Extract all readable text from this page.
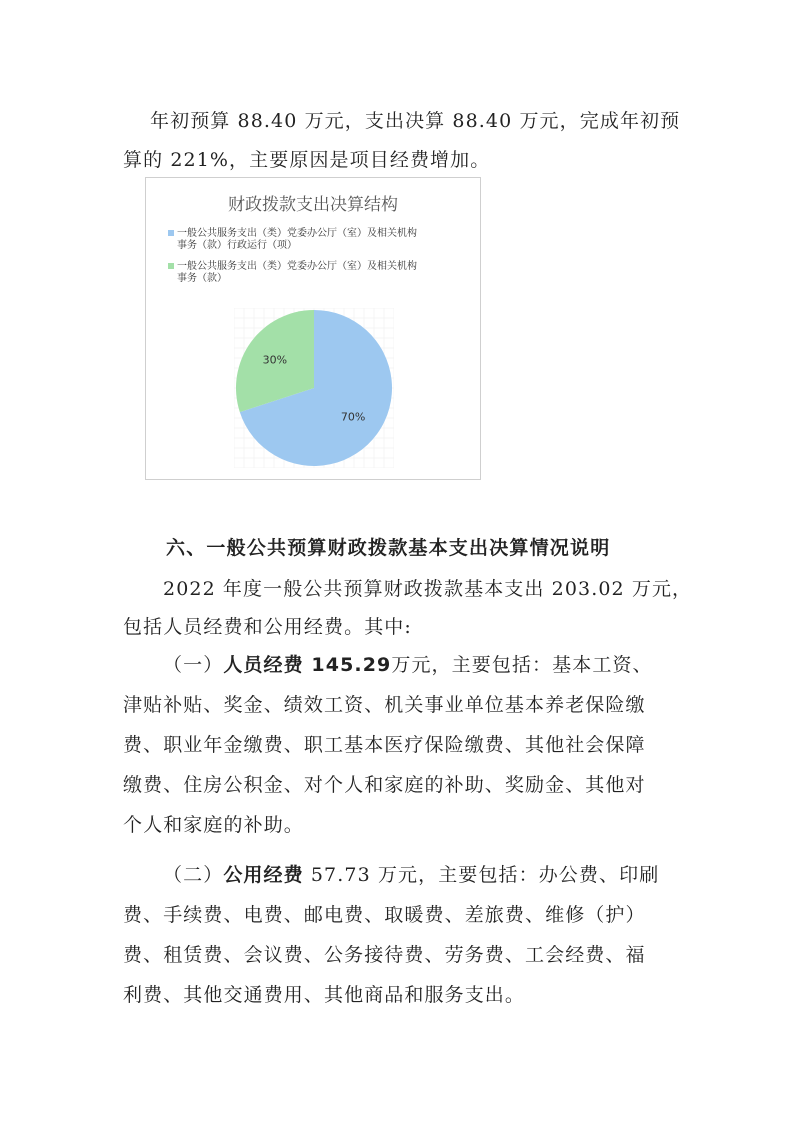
年初预算 88.40 万元，支出决算 88.40 万元，完成年初预
算的 221%，主要原因是项目经费增加。
财政拨款支出决算结构
一般公共服务支出（类）党委办公厅（室）及相关机构
事务（款）行政运行（项）
一般公共服务支出（类）党委办公厅（室）及相关机构
事务（款）
70%
30%
六、一般公共预算财政拨款基本支出决算情况说明
2022 年度一般公共预算财政拨款基本支出 203.02 万元，
包括人员经费和公用经费。其中:
（一）人员经费 145.29万元，主要包括：基本工资、
津贴补贴、奖金、绩效工资、机关事业单位基本养老保险缴
费、职业年金缴费、职工基本医疗保险缴费、其他社会保障
缴费、住房公积金、对个人和家庭的补助、奖励金、其他对
个人和家庭的补助。
（二）公用经费 57.73 万元，主要包括：办公费、印刷
费、手续费、电费、邮电费、取暖费、差旅费、维修（护）
费、租赁费、会议费、公务接待费、劳务费、工会经费、福
利费、其他交通费用、其他商品和服务支出。
